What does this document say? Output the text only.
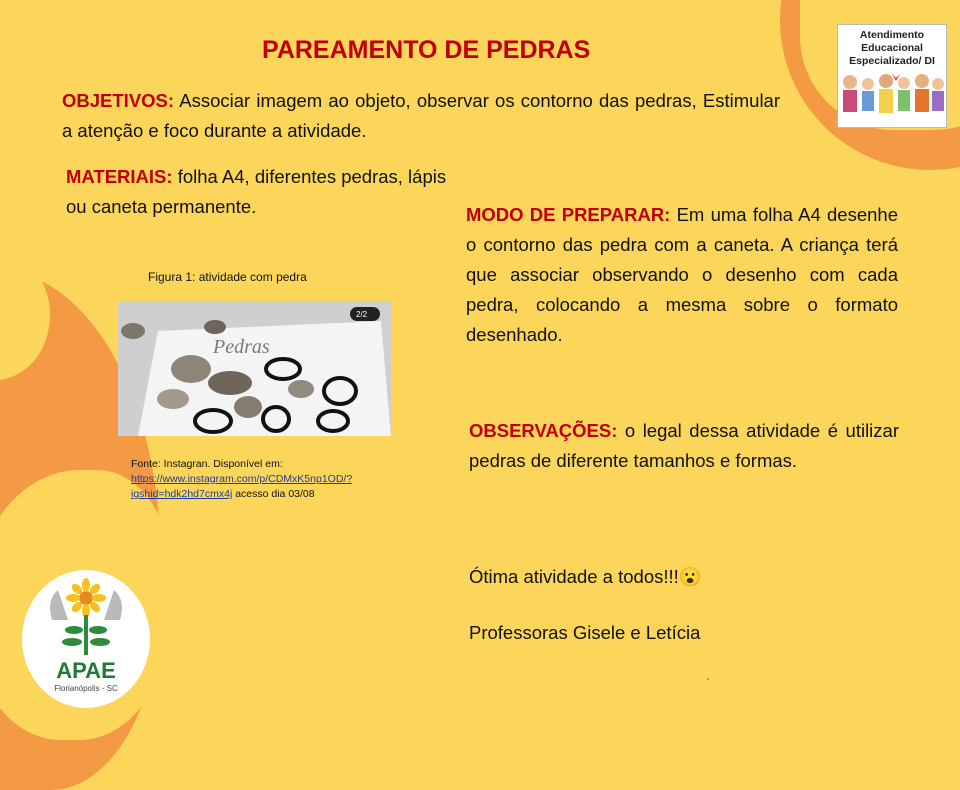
PAREAMENTO DE PEDRAS
OBJETIVOS: Associar imagem ao objeto, observar os contorno das pedras, Estimular a atenção e foco durante a atividade.
MATERIAIS: folha A4, diferentes pedras, lápis ou caneta permanente.
Figura 1: atividade com pedra
Pedras
2/2
Fonte: Instagran. Disponível em:
https://www.instagram.com/p/CDMxK5np1OD/?igshid=hdk2hd7cmx4j acesso dia 03/08
MODO DE PREPARAR: Em uma folha A4 desenhe o contorno das pedra com a caneta. A criança terá que associar observando o desenho com cada pedra, colocando a mesma sobre o formato desenhado.
OBSERVAÇÕES: o legal dessa atividade é utilizar pedras de diferente tamanhos e formas.
Ótima atividade a todos!!!😮
Professoras Gisele e Letícia
Atendimento
Educacional
Especializado/ DI
APAE
Florianópolis - SC
